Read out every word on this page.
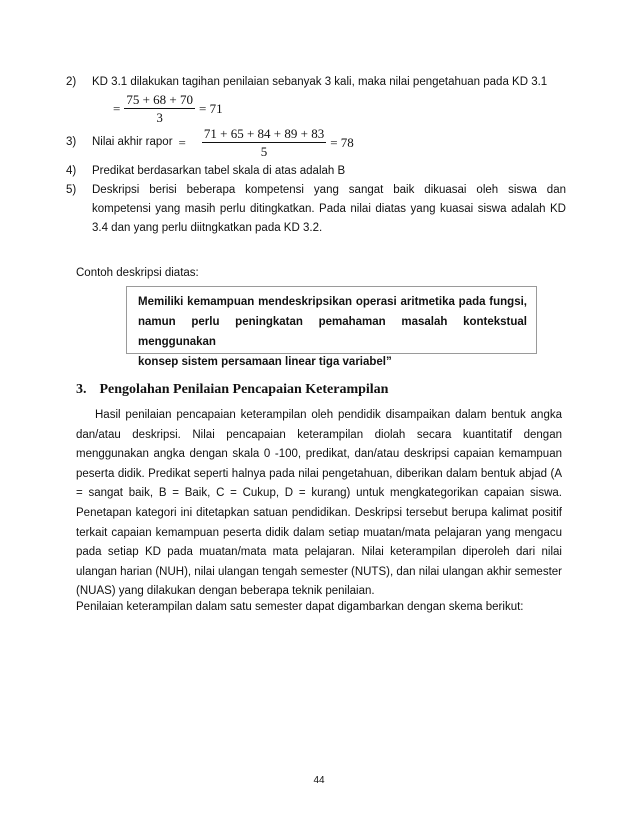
2) KD 3.1 dilakukan tagihan penilaian sebanyak 3 kali, maka nilai pengetahuan pada KD 3.1
= $\frac{75 + 68 + 70}{3} = 71$
3)	Nilai akhir rapor = $\frac{71 + 65 + 84 + 89 + 83}{5} = 78$
4) Predikat berdasarkan tabel skala di atas adalah B
5) Deskripsi berisi beberapa kompetensi yang sangat baik dikuasai oleh siswa dan
kompetensi yang masih perlu ditingkatkan. Pada nilai diatas yang kuasai siswa adalah KD
3.4 dan yang perlu diitngkatkan pada KD 3.2.
Contoh deskripsi diatas:
Memiliki kemampuan mendeskripsikan operasi aritmetika pada fungsi,
namun perlu peningkatan pemahaman masalah kontekstual menggunakan
konsep sistem persamaan linear tiga variabel”
3. Pengolahan Penilaian Pencapaian Keterampilan
Hasil penilaian pencapaian keterampilan oleh pendidik disampaikan dalam bentuk angka
dan/atau deskripsi. Nilai pencapaian keterampilan diolah secara kuantitatif dengan
menggunakan angka dengan skala 0 -100, predikat, dan/atau deskripsi capaian kemampuan
peserta didik. Predikat seperti halnya pada nilai pengetahuan, diberikan dalam bentuk abjad (A
= sangat baik, B = Baik, C = Cukup, D = kurang) untuk mengkategorikan capaian siswa.
Penetapan kategori ini ditetapkan satuan pendidikan. Deskripsi tersebut berupa kalimat positif
terkait capaian kemampuan peserta didik dalam setiap muatan/mata pelajaran yang mengacu
pada setiap KD pada muatan/mata mata pelajaran. Nilai keterampilan diperoleh dari nilai
ulangan harian (NUH), nilai ulangan tengah semester (NUTS), dan nilai ulangan akhir semester
(NUAS) yang dilakukan dengan beberapa teknik penilaian.
Penilaian keterampilan dalam satu semester dapat digambarkan dengan skema berikut:
44
